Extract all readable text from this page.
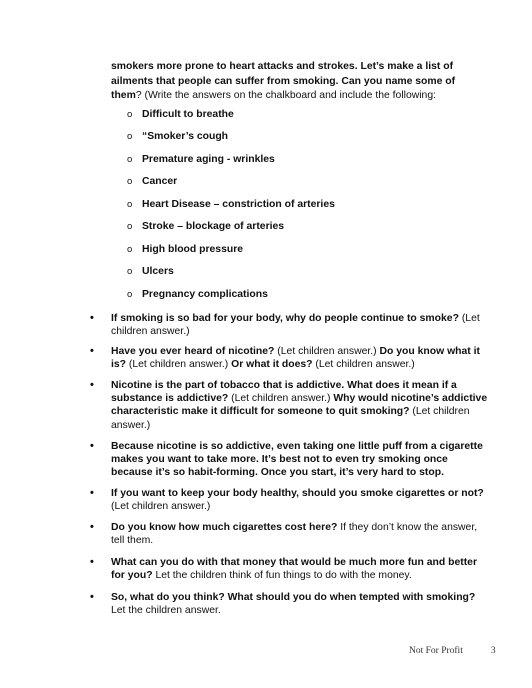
smokers more prone to heart attacks and strokes. Let’s make a list of ailments that people can suffer from smoking. Can you name some of them? (Write the answers on the chalkboard and include the following:
o Difficult to breathe
o “Smoker’s cough
o Premature aging - wrinkles
o Cancer
o Heart Disease – constriction of arteries
o Stroke – blockage of arteries
o High blood pressure
o Ulcers
o Pregnancy complications
• If smoking is so bad for your body, why do people continue to smoke? (Let children answer.)
• Have you ever heard of nicotine? (Let children answer.) Do you know what it is? (Let children answer.) Or what it does? (Let children answer.)
• Nicotine is the part of tobacco that is addictive. What does it mean if a substance is addictive? (Let children answer.) Why would nicotine’s addictive characteristic make it difficult for someone to quit smoking? (Let children answer.)
• Because nicotine is so addictive, even taking one little puff from a cigarette makes you want to take more. It’s best not to even try smoking once because it’s so habit-forming. Once you start, it’s very hard to stop.
• If you want to keep your body healthy, should you smoke cigarettes or not? (Let children answer.)
• Do you know how much cigarettes cost here? If they don’t know the answer, tell them.
• What can you do with that money that would be much more fun and better for you? Let the children think of fun things to do with the money.
• So, what do you think? What should you do when tempted with smoking? Let the children answer.
Not For Profit	3
